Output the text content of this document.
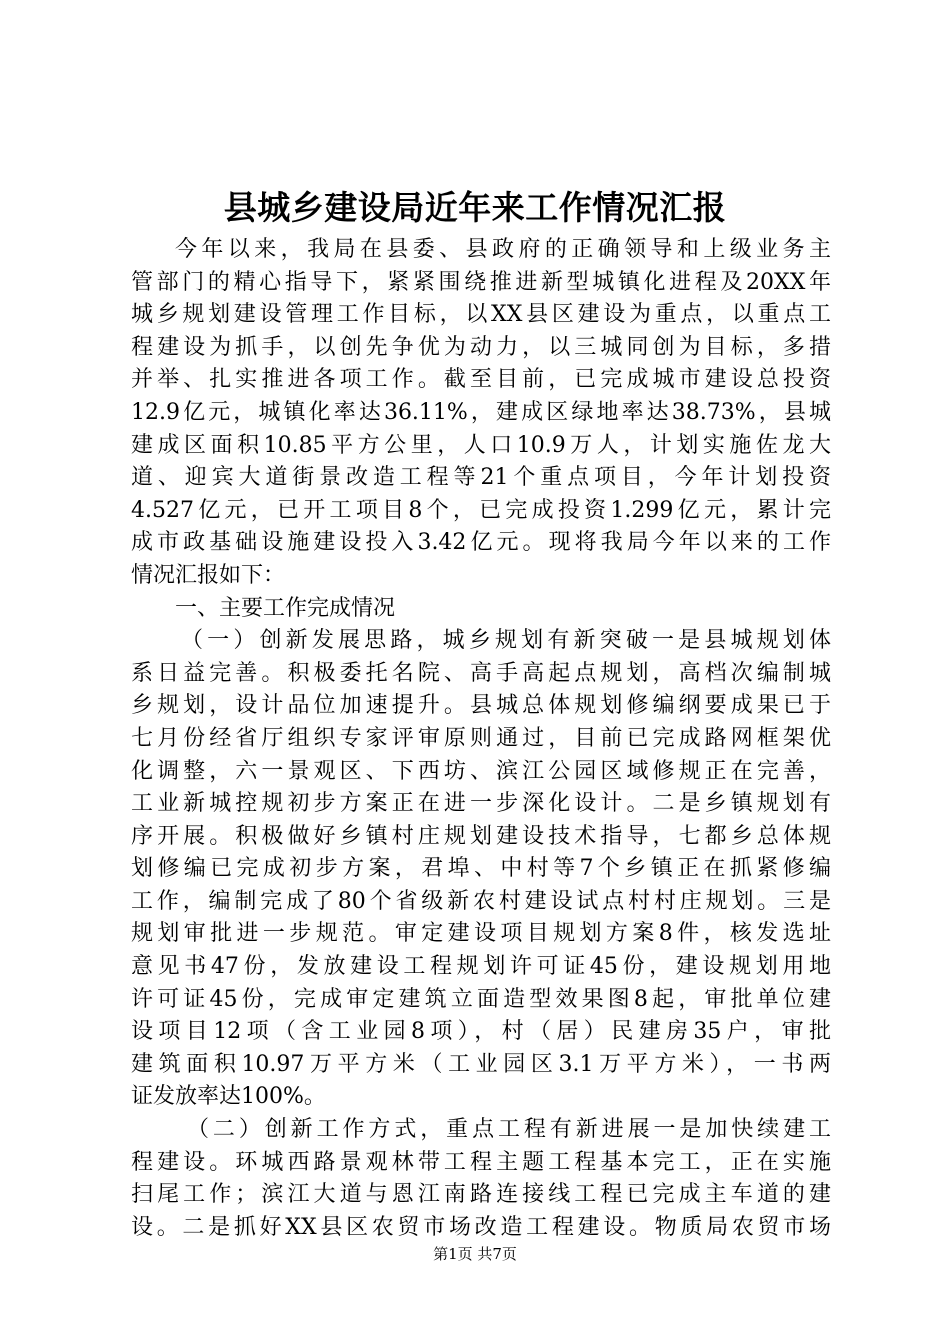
县城乡建设局近年来工作情况汇报
今年以来，我局在县委、县政府的正确领导和上级业务主
管部门的精心指导下，紧紧围绕推进新型城镇化进程及20XX年
城乡规划建设管理工作目标，以XX县区建设为重点，以重点工
程建设为抓手，以创先争优为动力，以三城同创为目标，多措
并举、扎实推进各项工作。截至目前，已完成城市建设总投资
12.9亿元，城镇化率达36.11%，建成区绿地率达38.73%，县城
建成区面积10.85平方公里，人口10.9万人，计划实施佐龙大
道、迎宾大道街景改造工程等21个重点项目，今年计划投资
4.527亿元，已开工项目8个，已完成投资1.299亿元，累计完
成市政基础设施建设投入3.42亿元。现将我局今年以来的工作
情况汇报如下：
一、主要工作完成情况
（一）创新发展思路，城乡规划有新突破一是县城规划体
系日益完善。积极委托名院、高手高起点规划，高档次编制城
乡规划，设计品位加速提升。县城总体规划修编纲要成果已于
七月份经省厅组织专家评审原则通过，目前已完成路网框架优
化调整，六一景观区、下西坊、滨江公园区域修规正在完善，
工业新城控规初步方案正在进一步深化设计。二是乡镇规划有
序开展。积极做好乡镇村庄规划建设技术指导，七都乡总体规
划修编已完成初步方案，君埠、中村等7个乡镇正在抓紧修编
工作，编制完成了80个省级新农村建设试点村村庄规划。三是
规划审批进一步规范。审定建设项目规划方案8件，核发选址
意见书47份，发放建设工程规划许可证45份，建设规划用地
许可证45份，完成审定建筑立面造型效果图8起，审批单位建
设项目12项（含工业园8项），村（居）民建房35户，审批
建筑面积10.97万平方米（工业园区3.1万平方米），一书两
证发放率达100%。
（二）创新工作方式，重点工程有新进展一是加快续建工
程建设。环城西路景观林带工程主题工程基本完工，正在实施
扫尾工作；滨江大道与恩江南路连接线工程已完成主车道的建
设。二是抓好XX县区农贸市场改造工程建设。物质局农贸市场
第1页 共7页
